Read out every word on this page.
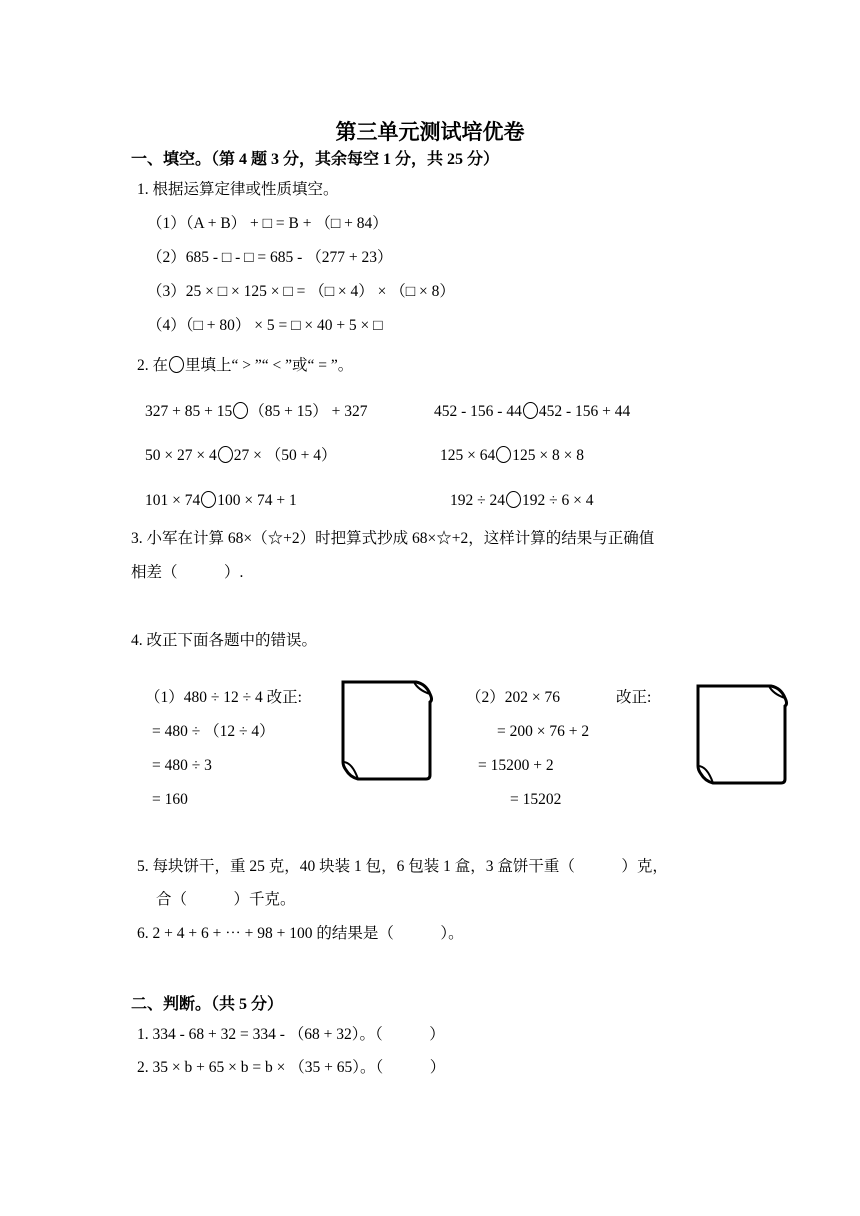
第三单元测试培优卷
一、填空。（第 4 题 3 分，其余每空 1 分，共 25 分）
1. 根据运算定律或性质填空。
（1）（A + B） + □ = B + （□ + 84）
（2）685 - □ - □ = 685 - （277 + 23）
（3）25 × □ × 125 × □ = （□ × 4） × （□ × 8）
（4）（□ + 80） × 5 = □ × 40 + 5 × □
2. 在 里填上“ > ”“ < ”或“ = ”。
327 + 85 + 15 （85 + 15） + 327	452 - 156 - 44 452 - 156 + 44
50 × 27 × 4 27 × （50 + 4）	125 × 64 125 × 8 × 8
101 × 74 100 × 74 + 1	192 ÷ 24 192 ÷ 6 × 4
3. 小军在计算 68×（☆+2）时把算式抄成 68×☆+2，这样计算的结果与正确值
相差（　　　）.
4. 改正下面各题中的错误。
（1）480 ÷ 12 ÷ 4 改正:
= 480 ÷ （12 ÷ 4）
= 480 ÷ 3
= 160
（2）202 × 76	改正:
= 200 × 76 + 2
= 15200 + 2
= 15202
5. 每块饼干，重 25 克，40 块装 1 包，6 包装 1 盒，3 盒饼干重（　　　）克，
合（　　　）千克。
6. 2 + 4 + 6 + ⋯ + 98 + 100 的结果是（　　　）。
二、判断。（共 5 分）
1. 334 - 68 + 32 = 334 - （68 + 32）。（　　　）
2. 35 × b + 65 × b = b × （35 + 65）。（　　　）
